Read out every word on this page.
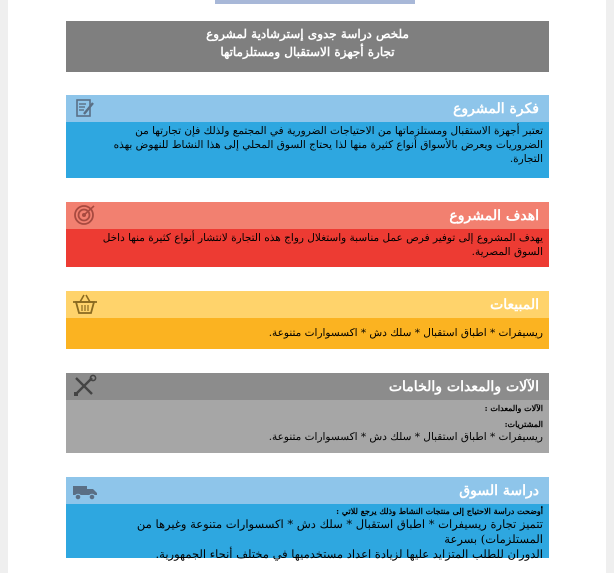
ملخص دراسة جدوى إسترشادية لمشروع
تجارة أجهزة الاستقبال ومستلزماتها
فكرة المشروع
تعتبر أجهزة الاستقبال ومستلزماتها من الاحتياجات الضرورية في المجتمع ولذلك فإن تجارتها من
الضروريات ويعرض بالأسواق أنواع كثيرة منها لذا يحتاج السوق المحلي إلى هذا النشاط للنهوض بهذه
التجارة.
اهدف المشروع
يهدف المشروع إلى توفير فرص عمل مناسبة واستغلال رواج هذه التجارة لانتشار أنواع كثيرة منها داخل
السوق المصرية.
المبيعات
ريسيفرات * اطباق استقبال * سلك دش * اكسسوارات متنوعة.
الآلات والمعدات والخامات
الآلات والمعدات :
المشتريات:
ريسيفرات * اطباق استقبال * سلك دش * اكسسوارات متنوعة.
دراسة السوق
أوضحت دراسة الاحتياج إلى منتجات النشاط وذلك يرجع للاتي :
تتميز تجارة ريسيفرات * اطباق استقبال * سلك دش * اكسسوارات متنوعة وغيرها من المستلزمات) بسرعة
الدوران للطلب المتزايد عليها لزيادة اعداد مستخدميها في مختلف أنحاء الجمهورية.
